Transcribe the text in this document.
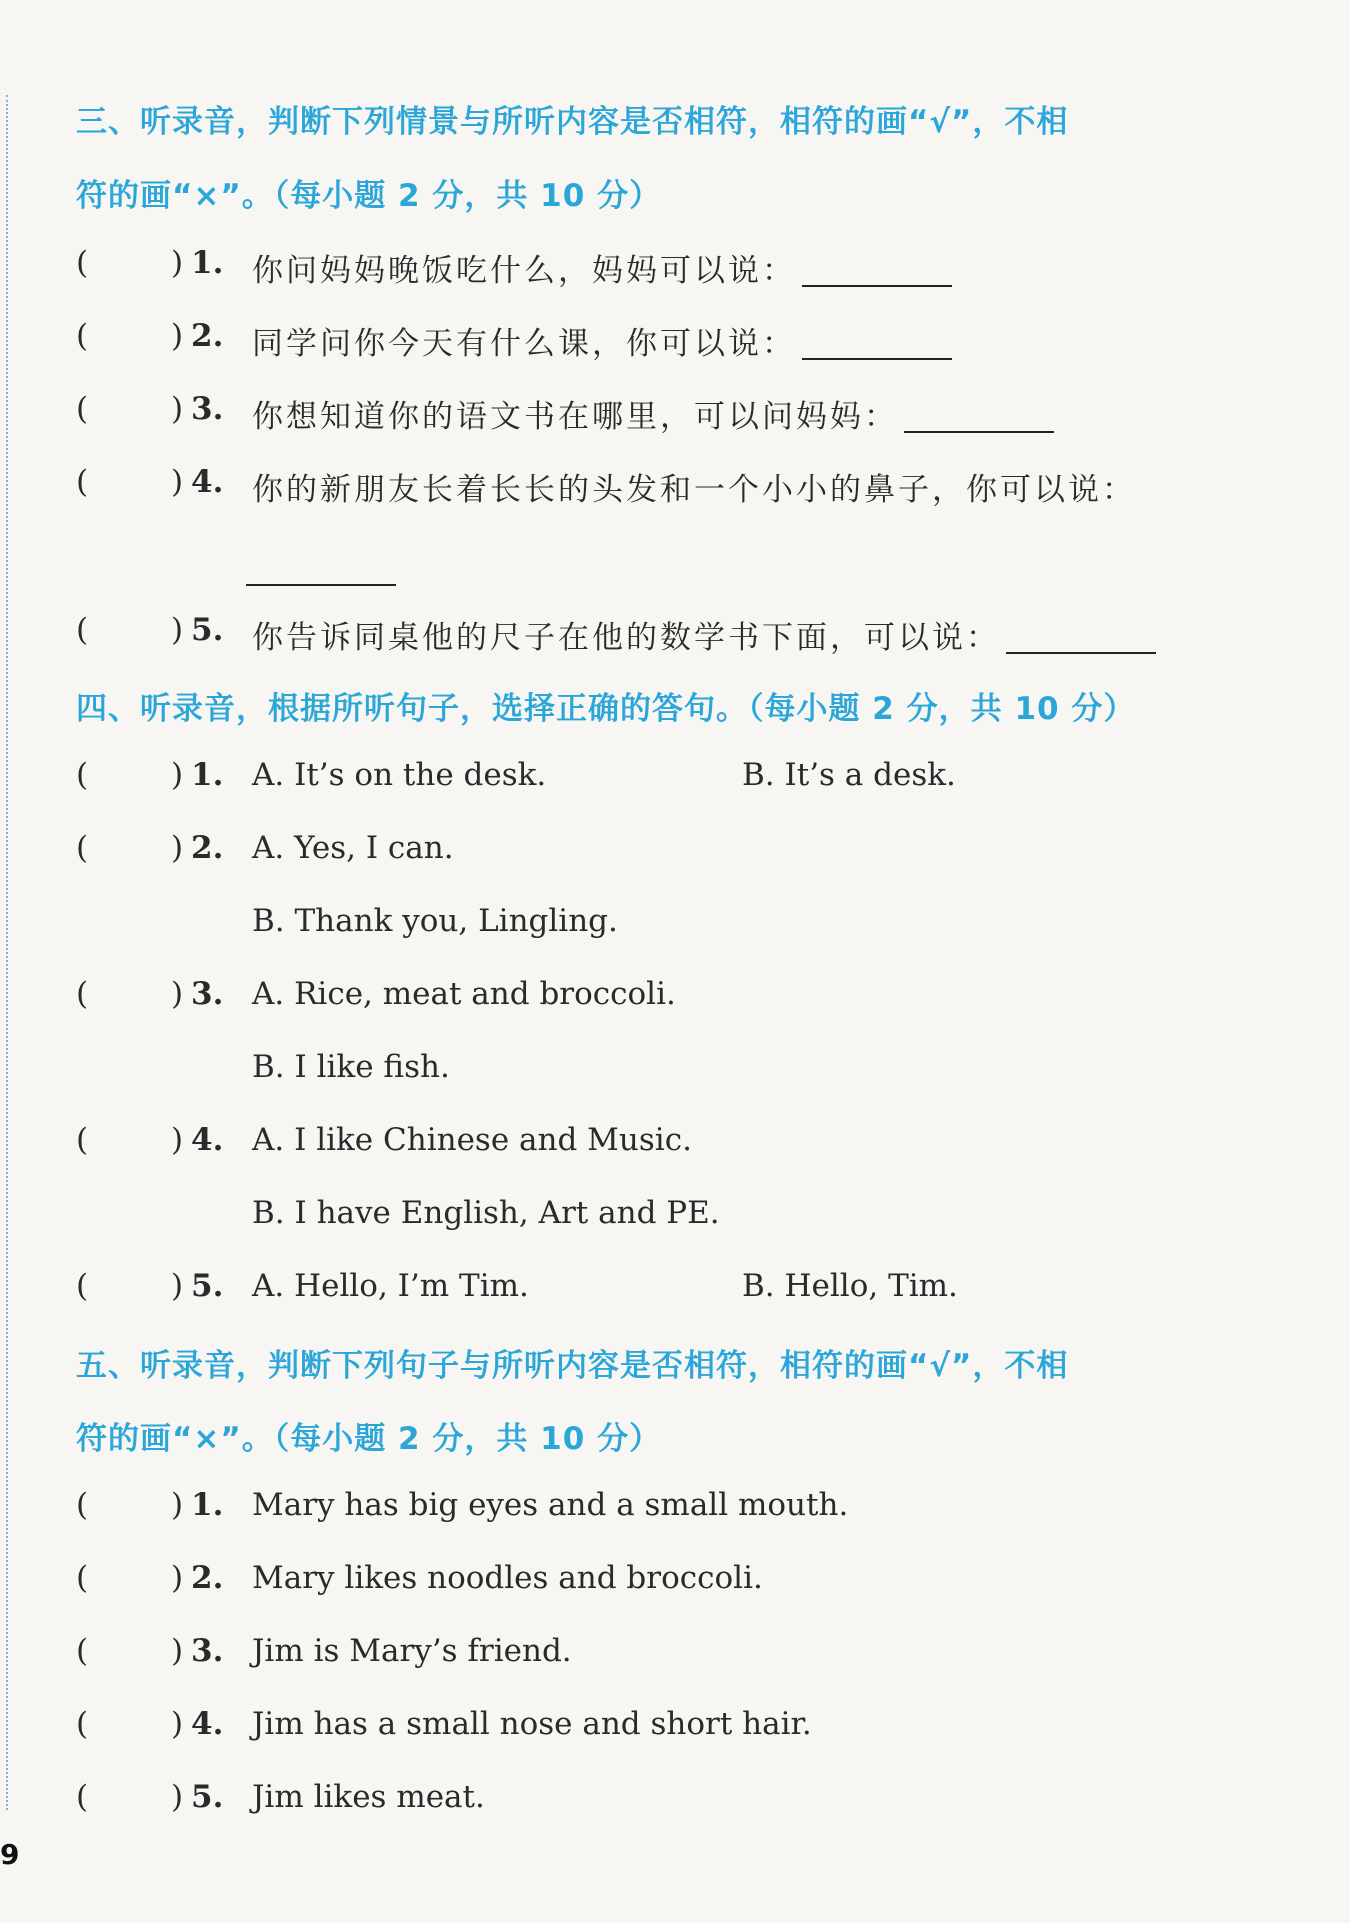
三、听录音，判断下列情景与所听内容是否相符，相符的画“√”，不相
符的画“×”。（每小题 2 分，共 10 分）
(	) 1. 你问妈妈晚饭吃什么，妈妈可以说：
(	) 2. 同学问你今天有什么课，你可以说：
(	) 3. 你想知道你的语文书在哪里，可以问妈妈：
(	) 4. 你的新朋友长着长长的头发和一个小小的鼻子，你可以说：
(	) 5. 你告诉同桌他的尺子在他的数学书下面，可以说：
四、听录音，根据所听句子，选择正确的答句。（每小题 2 分，共 10 分）
(	) 1. A. It’s on the desk.	B. It’s a desk.
(	) 2. A. Yes, I can.
B. Thank you, Lingling.
(	) 3. A. Rice, meat and broccoli.
B. I like fish.
(	) 4. A. I like Chinese and Music.
B. I have English, Art and PE.
(	) 5. A. Hello, I’m Tim.	B. Hello, Tim.
五、听录音，判断下列句子与所听内容是否相符，相符的画“√”，不相
符的画“×”。（每小题 2 分，共 10 分）
(	) 1. Mary has big eyes and a small mouth.
(	) 2. Mary likes noodles and broccoli.
(	) 3. Jim is Mary’s friend.
(	) 4. Jim has a small nose and short hair.
(	) 5. Jim likes meat.
9
